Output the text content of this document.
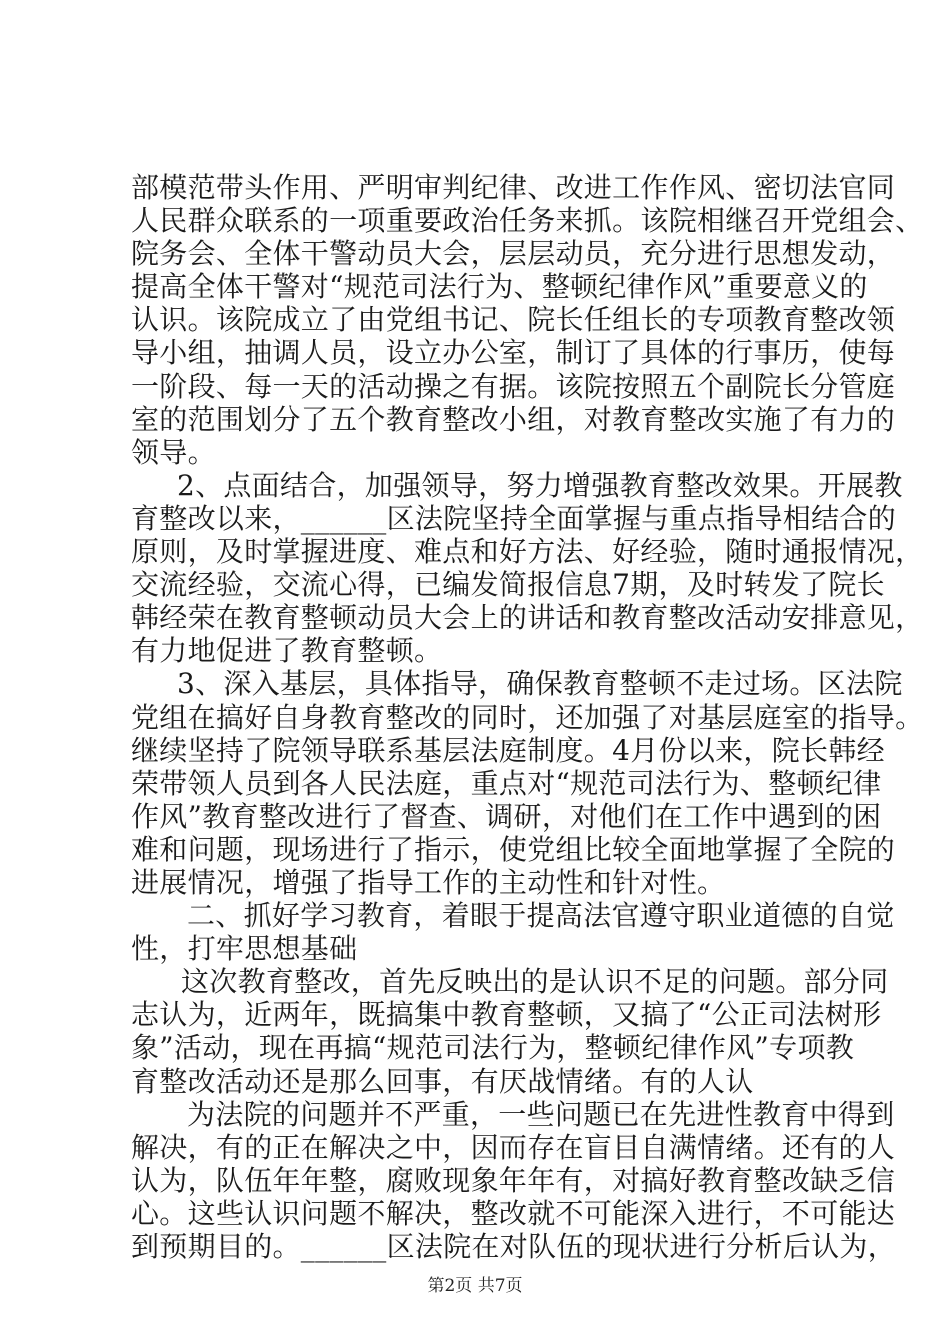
部模范带头作用、严明审判纪律、改进工作作风、密切法官同
人民群众联系的一项重要政治任务来抓。该院相继召开党组会、
院务会、全体干警动员大会，层层动员，充分进行思想发动，
提高全体干警对“规范司法行为、整顿纪律作风”重要意义的
认识。该院成立了由党组书记、院长任组长的专项教育整改领
导小组，抽调人员，设立办公室，制订了具体的行事历，使每
一阶段、每一天的活动操之有据。该院按照五个副院长分管庭
室的范围划分了五个教育整改小组，对教育整改实施了有力的
领导。
2、点面结合，加强领导，努力增强教育整改效果。开展教
育整改以来，______区法院坚持全面掌握与重点指导相结合的
原则，及时掌握进度、难点和好方法、好经验，随时通报情况，
交流经验，交流心得，已编发简报信息7期，及时转发了院长
韩经荣在教育整顿动员大会上的讲话和教育整改活动安排意见，
有力地促进了教育整顿。
3、深入基层，具体指导，确保教育整顿不走过场。区法院
党组在搞好自身教育整改的同时，还加强了对基层庭室的指导。
继续坚持了院领导联系基层法庭制度。4月份以来，院长韩经
荣带领人员到各人民法庭，重点对“规范司法行为、整顿纪律
作风”教育整改进行了督查、调研，对他们在工作中遇到的困
难和问题，现场进行了指示，使党组比较全面地掌握了全院的
进展情况，增强了指导工作的主动性和针对性。
二、抓好学习教育，着眼于提高法官遵守职业道德的自觉
性，打牢思想基础
这次教育整改，首先反映出的是认识不足的问题。部分同
志认为，近两年，既搞集中教育整顿，又搞了“公正司法树形
象”活动，现在再搞“规范司法行为，整顿纪律作风”专项教
育整改活动还是那么回事，有厌战情绪。有的人认
为法院的问题并不严重，一些问题已在先进性教育中得到
解决，有的正在解决之中，因而存在盲目自满情绪。还有的人
认为，队伍年年整，腐败现象年年有，对搞好教育整改缺乏信
心。这些认识问题不解决，整改就不可能深入进行，不可能达
到预期目的。______区法院在对队伍的现状进行分析后认为，
第2页 共7页
